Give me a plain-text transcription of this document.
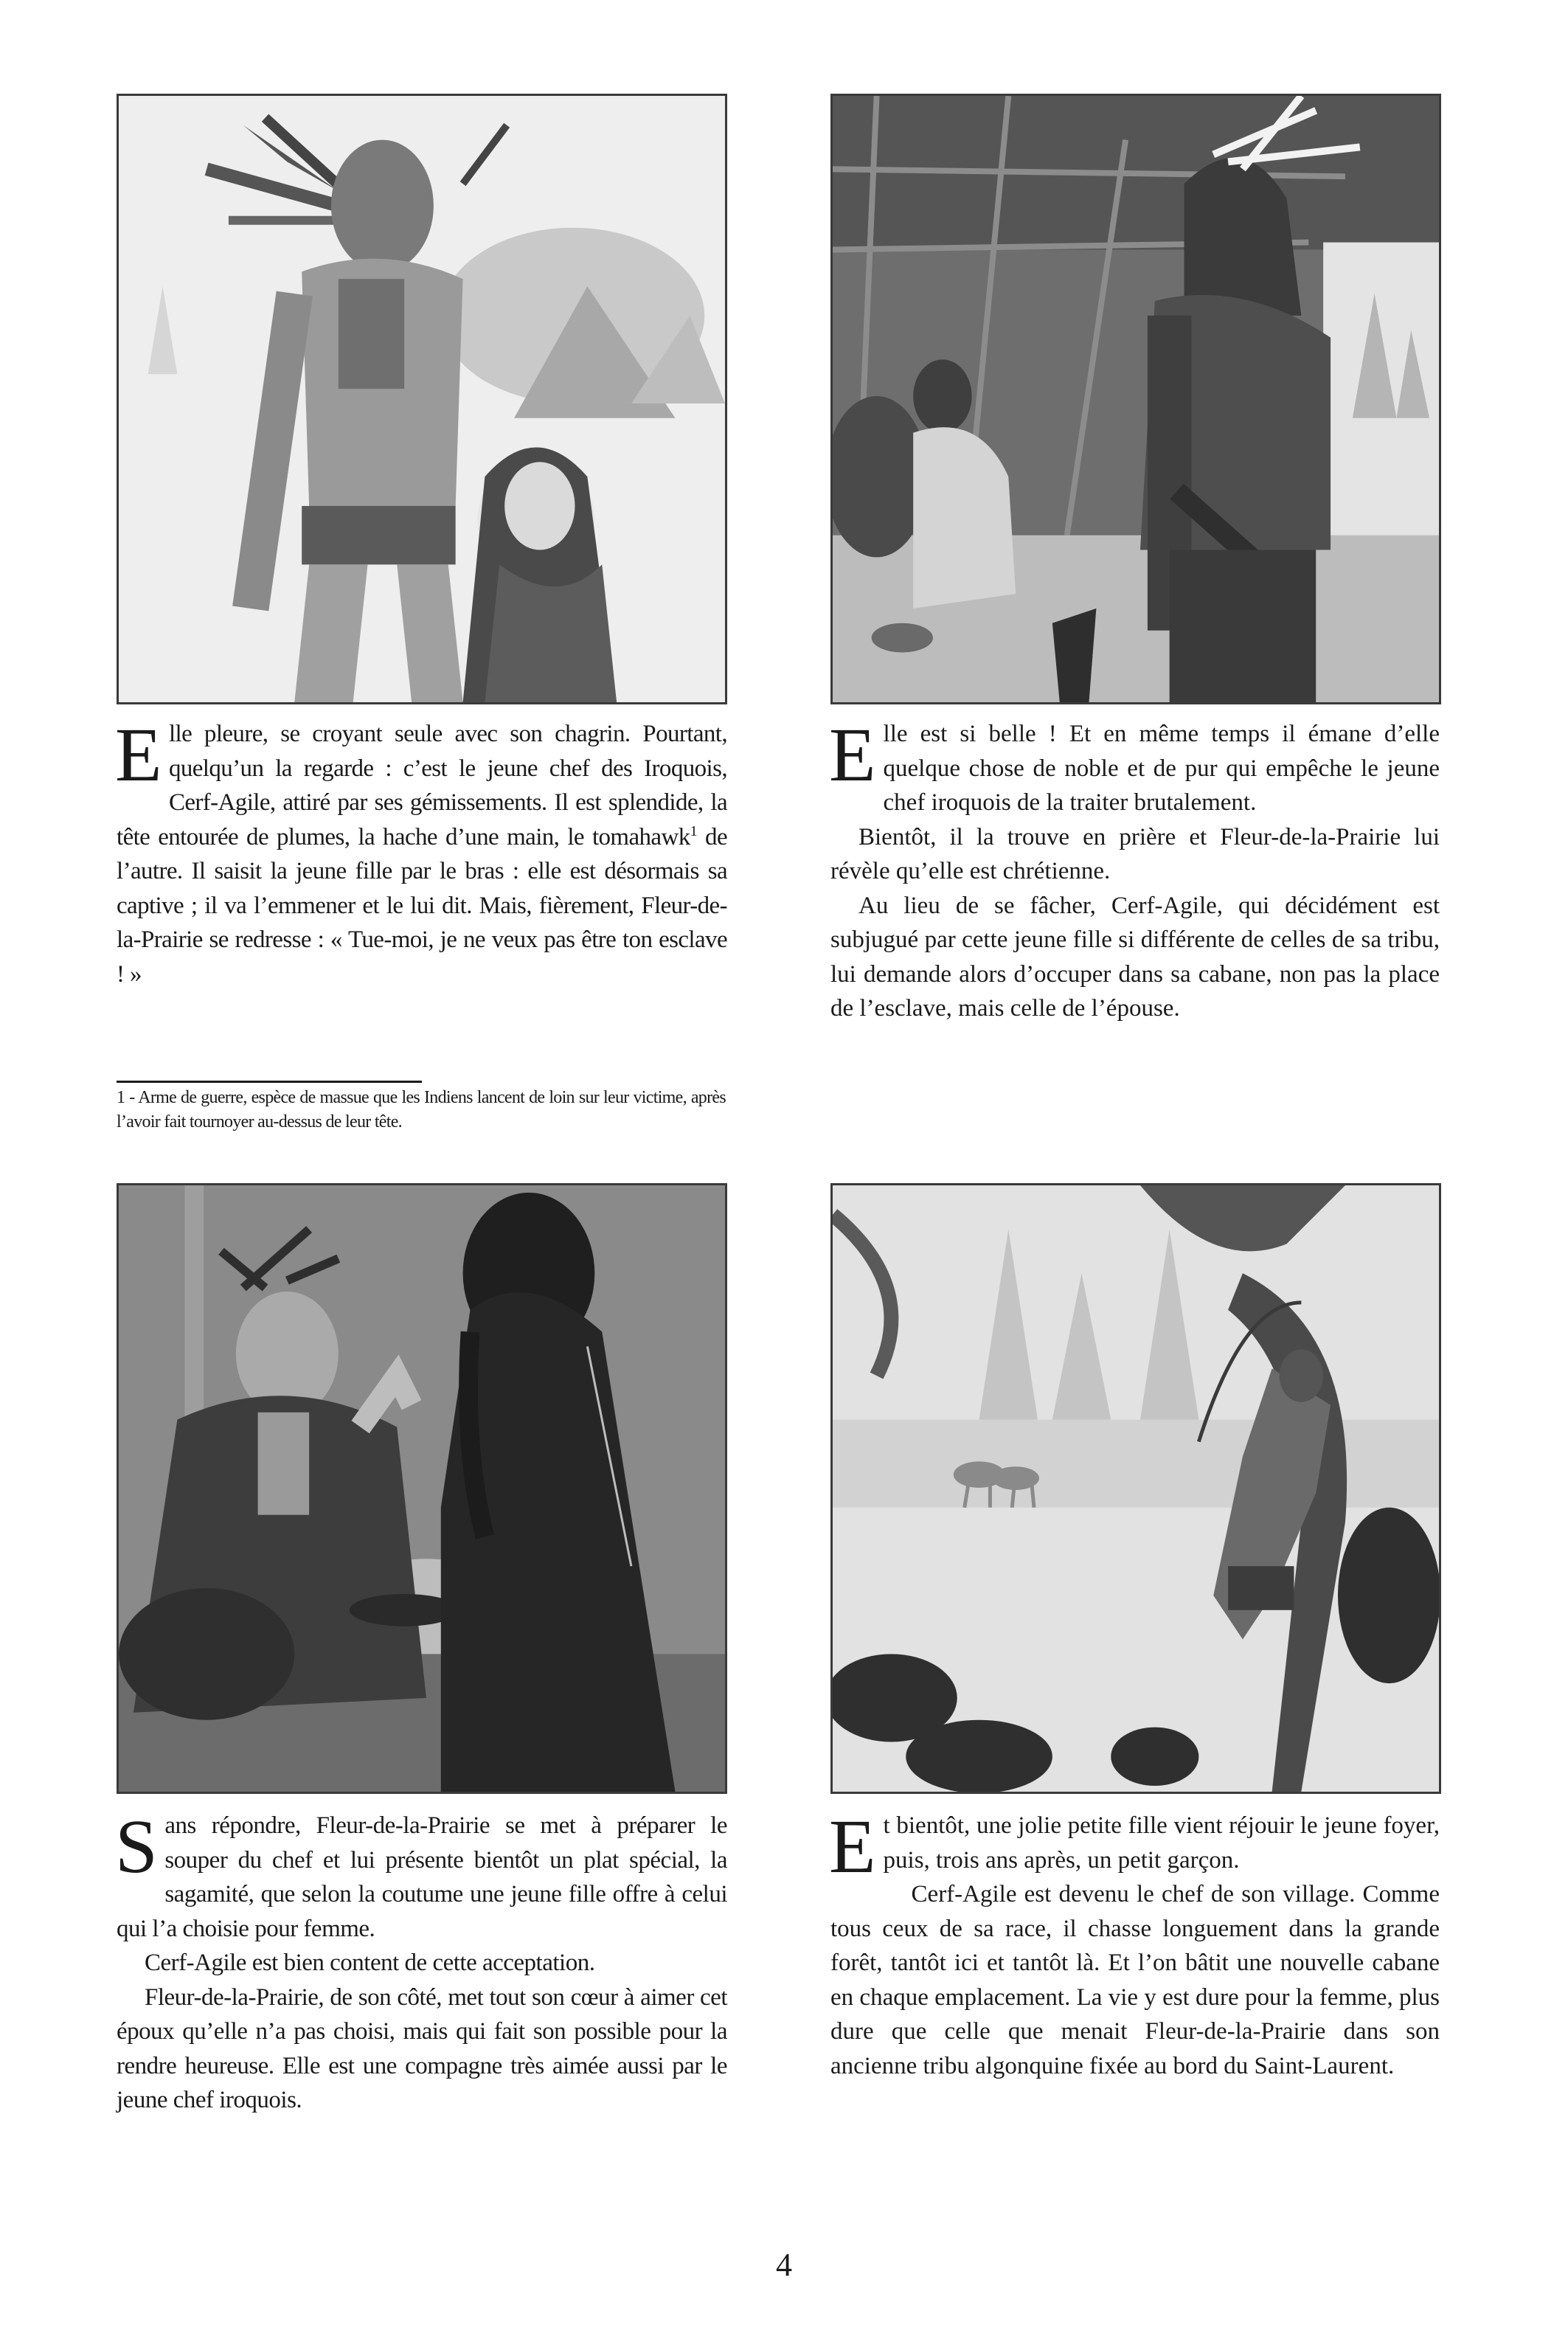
Elle pleure, se croyant seule avec son chagrin. Pourtant, quelqu’un la regarde : c’est le jeune chef des Iroquois, Cerf-Agile, attiré par ses gémissements. Il est splendide, la tête entourée de plumes, la hache d’une main, le tomahawk$^1$ de l’autre. Il saisit la jeune fille par le bras : elle est désormais sa captive ; il va l’emmener et le lui dit. Mais, fièrement, Fleur-de-la-Prairie se redresse : « Tue-moi, je ne veux pas être ton esclave ! »

1 - Arme de guerre, espèce de massue que les Indiens lancent de loin sur leur victime, après l’avoir fait tournoyer au-dessus de leur tête.

Elle est si belle ! Et en même temps il émane d’elle quelque chose de noble et de pur qui empêche le jeune chef iroquois de la traiter brutalement.

Bientôt, il la trouve en prière et Fleur-de-la-Prairie lui révèle qu’elle est chrétienne.

Au lieu de se fâcher, Cerf-Agile, qui décidément est subjugué par cette jeune fille si différente de celles de sa tribu, lui demande alors d’occuper dans sa cabane, non pas la place de l’esclave, mais celle de l’épouse.

Sans répondre, Fleur-de-la-Prairie se met à préparer le souper du chef et lui présente bientôt un plat spécial, la sagamité, que selon la coutume une jeune fille offre à celui qui l’a choisie pour femme.

Cerf-Agile est bien content de cette acceptation.

Fleur-de-la-Prairie, de son côté, met tout son cœur à aimer cet époux qu’elle n’a pas choisi, mais qui fait son possible pour la rendre heureuse. Elle est une compagne très aimée aussi par le jeune chef iroquois.

Et bientôt, une jolie petite fille vient réjouir le jeune foyer, puis, trois ans après, un petit garçon.

Cerf-Agile est devenu le chef de son village. Comme tous ceux de sa race, il chasse longuement dans la grande forêt, tantôt ici et tantôt là. Et l’on bâtit une nouvelle cabane en chaque emplacement. La vie y est dure pour la femme, plus dure que celle que menait Fleur-de-la-Prairie dans son ancienne tribu algonquine fixée au bord du Saint-Laurent.

4
